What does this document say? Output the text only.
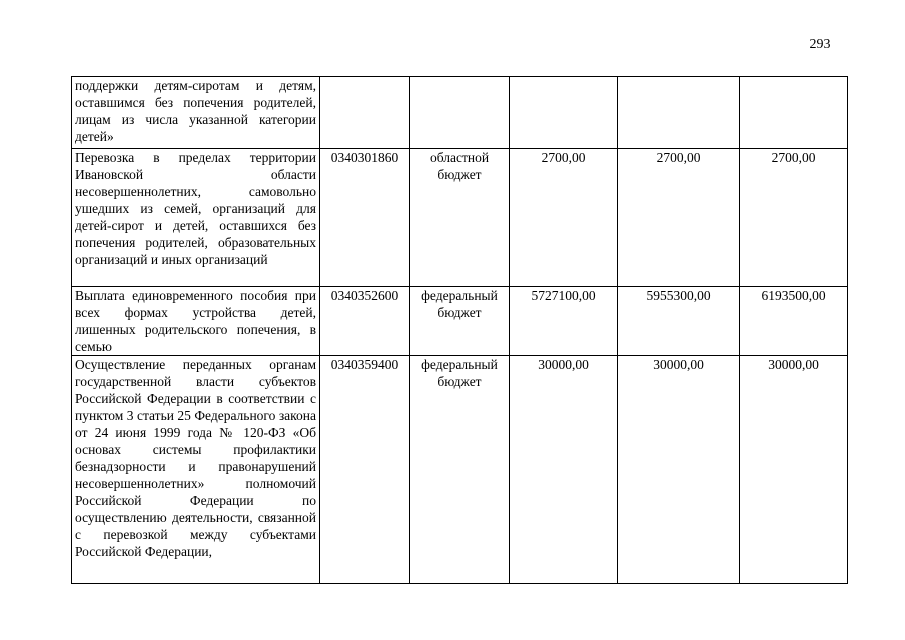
293
поддержки детям-сиротам и детям, оставшимся без попечения родителей, лицам из числа указанной категории детей»					
Перевозка в пределах территории Ивановской области несовершеннолетних, самовольно ушедших из семей, организаций для детей-сирот и детей, оставшихся без попечения родителей, образовательных организаций и иных организаций	0340301860	областной бюджет	2700,00	2700,00	2700,00
Выплата единовременного пособия при всех формах устройства детей, лишенных родительского попечения, в семью	0340352600	федеральный бюджет	5727100,00	5955300,00	6193500,00
Осуществление переданных органам государственной власти субъектов Российской Федерации в соответствии с пунктом 3 статьи 25 Федерального закона от 24 июня 1999 года № 120-ФЗ «Об основах системы профилактики безнадзорности и правонарушений несовершеннолетних» полномочий Российской Федерации по осуществлению деятельности, связанной с перевозкой между субъектами Российской Федерации,	0340359400	федеральный бюджет	30000,00	30000,00	30000,00
